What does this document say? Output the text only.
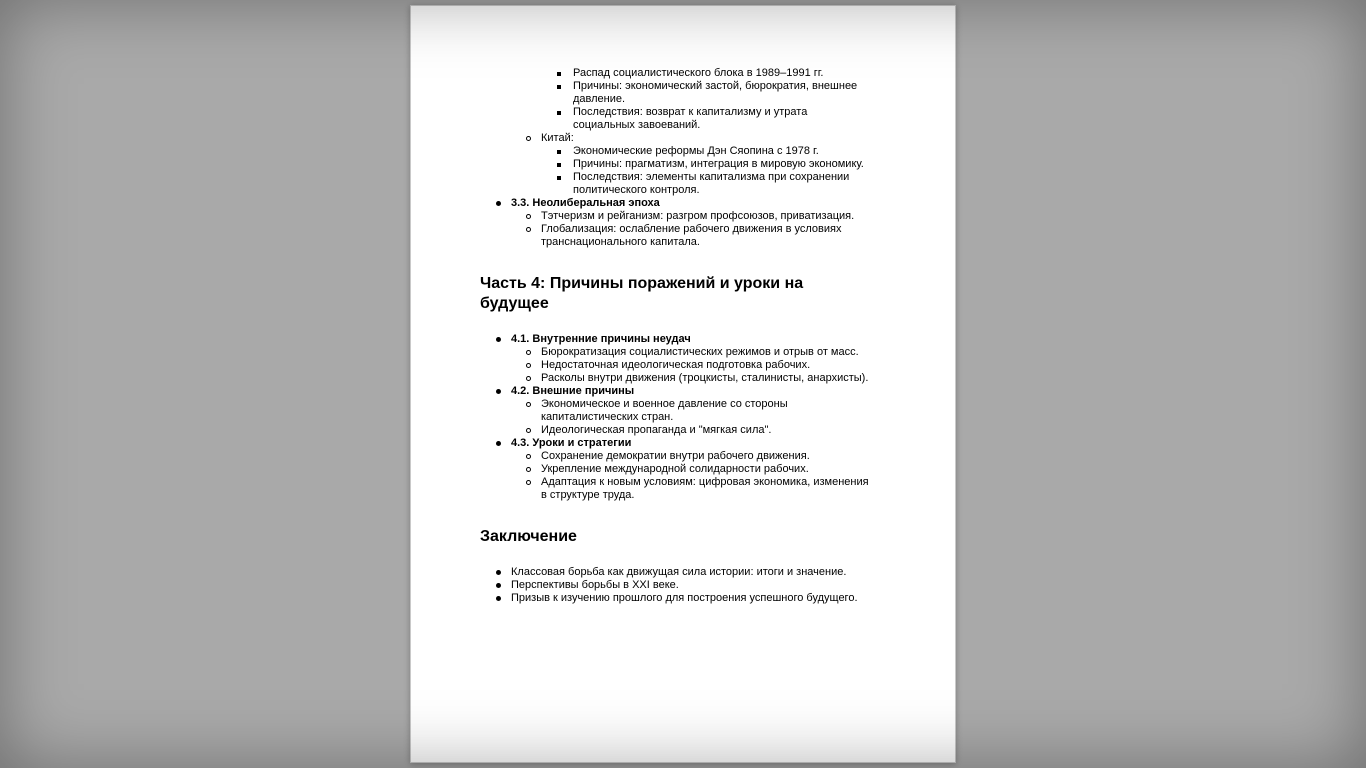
Распад социалистического блока в 1989–1991 гг.
Причины: экономический застой, бюрократия, внешнее давление.
Последствия: возврат к капитализму и утрата социальных завоеваний.
Китай:
Экономические реформы Дэн Сяопина с 1978 г.
Причины: прагматизм, интеграция в мировую экономику.
Последствия: элементы капитализма при сохранении политического контроля.
3.3. Неолиберальная эпоха
Тэтчеризм и рейганизм: разгром профсоюзов, приватизация.
Глобализация: ослабление рабочего движения в условиях транснационального капитала.
Часть 4: Причины поражений и уроки на будущее
4.1. Внутренние причины неудач
Бюрократизация социалистических режимов и отрыв от масс.
Недостаточная идеологическая подготовка рабочих.
Расколы внутри движения (троцкисты, сталинисты, анархисты).
4.2. Внешние причины
Экономическое и военное давление со стороны капиталистических стран.
Идеологическая пропаганда и "мягкая сила".
4.3. Уроки и стратегии
Сохранение демократии внутри рабочего движения.
Укрепление международной солидарности рабочих.
Адаптация к новым условиям: цифровая экономика, изменения в структуре труда.
Заключение
Классовая борьба как движущая сила истории: итоги и значение.
Перспективы борьбы в XXI веке.
Призыв к изучению прошлого для построения успешного будущего.
